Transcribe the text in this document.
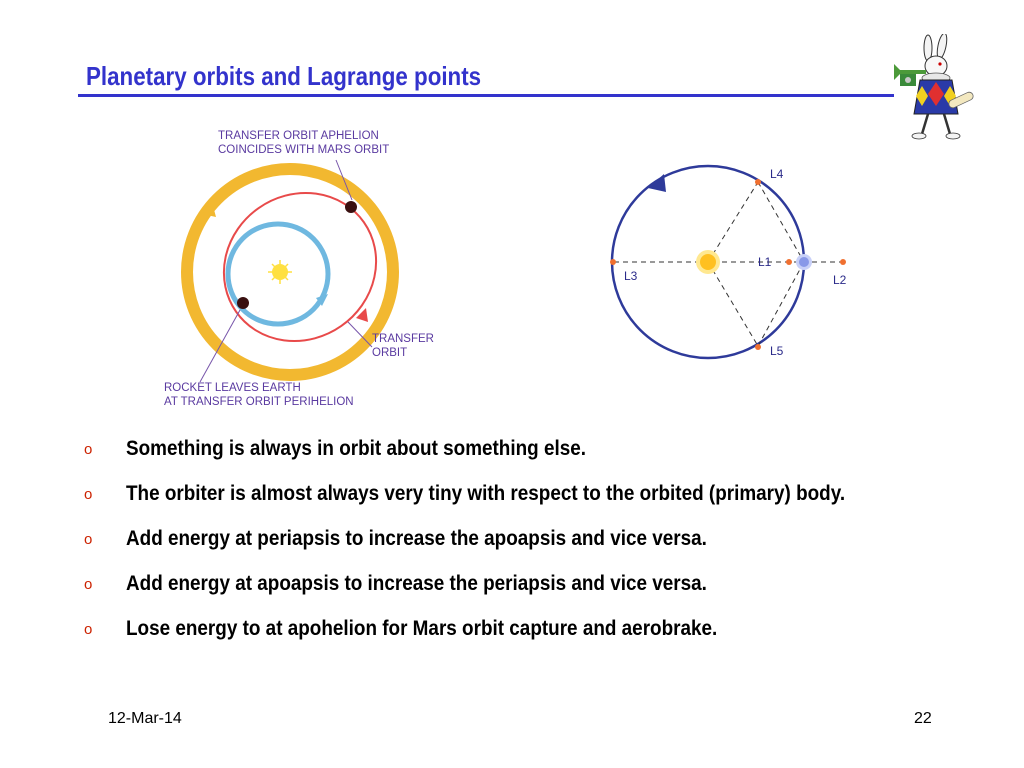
Planetary orbits and Lagrange points
TRANSFER ORBIT APHELION
COINCIDES WITH MARS ORBIT
TRANSFER
ORBIT
ROCKET LEAVES EARTH
AT TRANSFER ORBIT PERIHELION
L1
L2
L3
L4
L5
o Something is always in orbit about something else.
o The orbiter is almost always very tiny with respect to the orbited (primary) body.
o Add energy at periapsis to increase the apoapsis and vice versa.
o Add energy at apoapsis to increase the periapsis and vice versa.
o Lose energy to at apohelion for Mars orbit capture and aerobrake.
12-Mar-14	22
